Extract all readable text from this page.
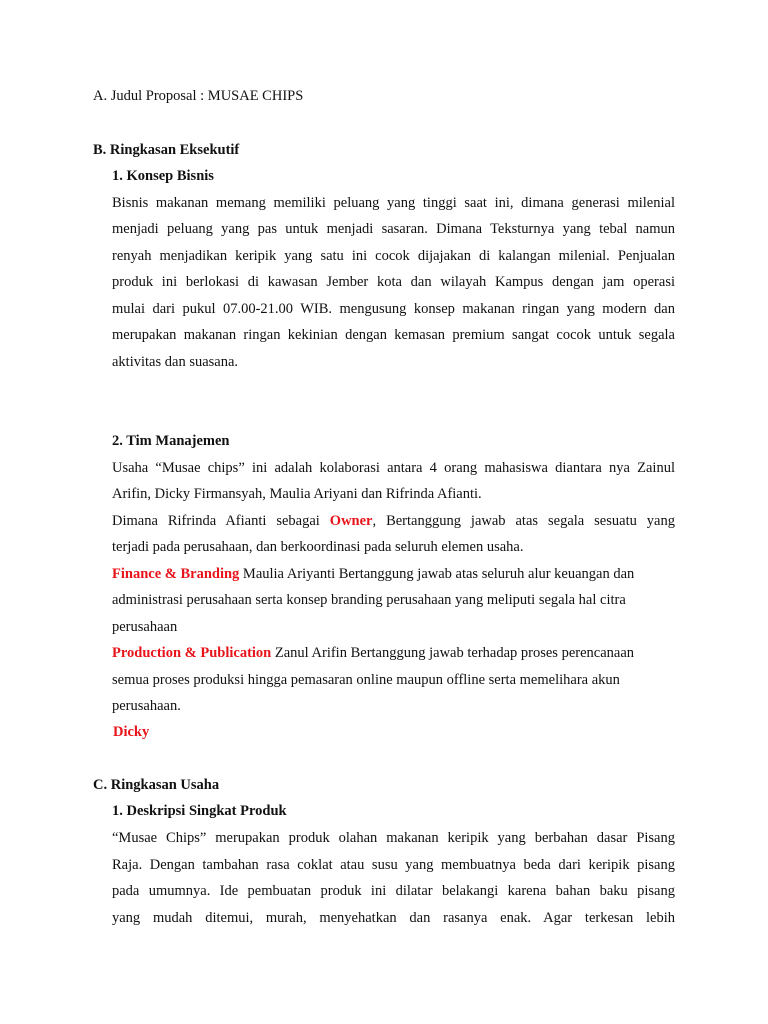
A. Judul Proposal : MUSAE CHIPS
B. Ringkasan Eksekutif
1. Konsep Bisnis
Bisnis makanan memang memiliki peluang yang tinggi saat ini, dimana generasi milenial
menjadi peluang yang pas untuk menjadi sasaran. Dimana Teksturnya yang tebal namun
renyah menjadikan keripik yang satu ini cocok dijajakan di kalangan milenial. Penjualan
produk ini berlokasi di kawasan Jember kota dan wilayah Kampus dengan jam operasi
mulai dari pukul 07.00-21.00 WIB. mengusung konsep makanan ringan yang modern dan
merupakan makanan ringan kekinian dengan kemasan premium sangat cocok untuk segala
aktivitas dan suasana.
2. Tim Manajemen
Usaha “Musae chips” ini adalah kolaborasi antara 4 orang mahasiswa diantara nya Zainul
Arifin, Dicky Firmansyah, Maulia Ariyani dan Rifrinda Afianti.
Dimana Rifrinda Afianti sebagai Owner, Bertanggung jawab atas segala sesuatu yang
terjadi pada perusahaan, dan berkoordinasi pada seluruh elemen usaha.
Finance & Branding Maulia Ariyanti Bertanggung jawab atas seluruh alur keuangan dan
administrasi perusahaan serta konsep branding perusahaan yang meliputi segala hal citra
perusahaan
Production & Publication Zanul Arifin Bertanggung jawab terhadap proses perencanaan
semua proses produksi hingga pemasaran online maupun offline serta memelihara akun
perusahaan.
Dicky
C. Ringkasan Usaha
1. Deskripsi Singkat Produk
“Musae Chips” merupakan produk olahan makanan keripik yang berbahan dasar Pisang
Raja. Dengan tambahan rasa coklat atau susu yang membuatnya beda dari keripik pisang
pada umumnya. Ide pembuatan produk ini dilatar belakangi karena bahan baku pisang
yang mudah ditemui, murah, menyehatkan dan rasanya enak. Agar terkesan lebih
